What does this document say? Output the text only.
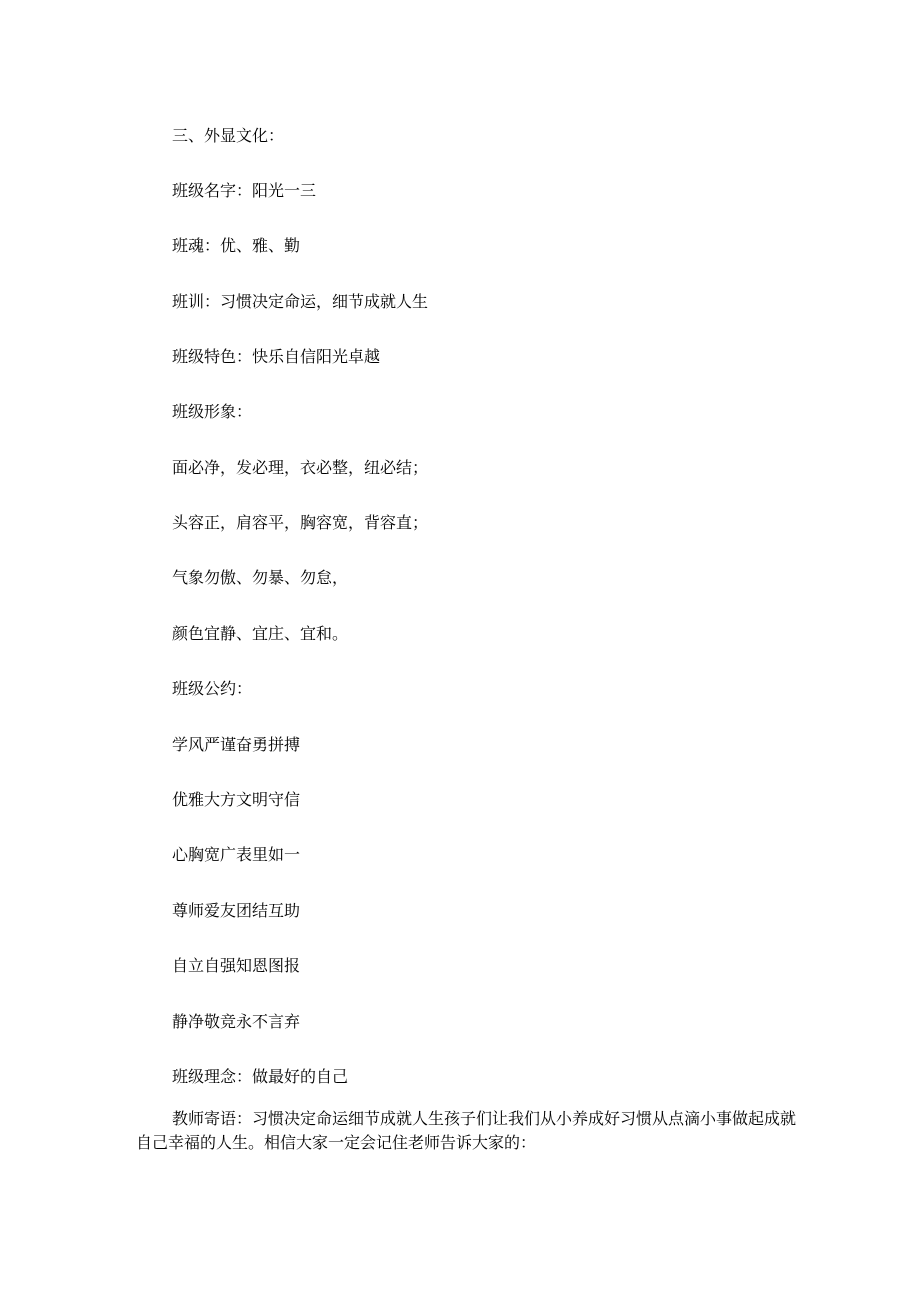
三、外显文化：
班级名字：阳光一三
班魂：优、雅、勤
班训：习惯决定命运，细节成就人生
班级特色：快乐自信阳光卓越
班级形象：
面必净，发必理，衣必整，纽必结；
头容正，肩容平，胸容宽，背容直；
气象勿傲、勿暴、勿怠，
颜色宜静、宜庄、宜和。
班级公约：
学风严谨奋勇拼搏
优雅大方文明守信
心胸宽广表里如一
尊师爱友团结互助
自立自强知恩图报
静净敬竞永不言弃
班级理念：做最好的自己
教师寄语：习惯决定命运细节成就人生孩子们让我们从小养成好习惯从点滴小事做起成就自己幸福的人生。相信大家一定会记住老师告诉大家的：
